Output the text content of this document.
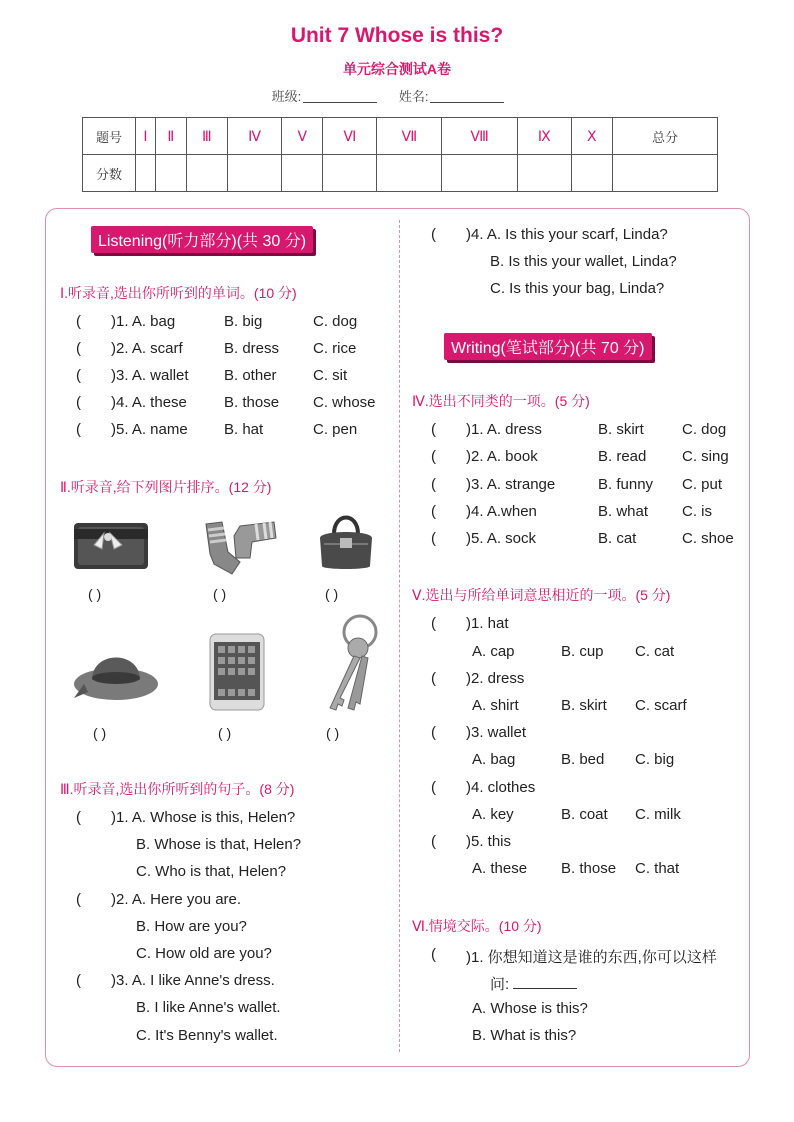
Unit 7 Whose is this?
单元综合测试A卷
班级:	姓名:
题号	Ⅰ	Ⅱ	Ⅲ	Ⅳ	Ⅴ	Ⅵ	Ⅶ	Ⅷ	Ⅸ	Ⅹ	总分
分数											
Listening(听力部分)(共 30 分)
Ⅰ.听录音,选出你所听到的单词。(10 分)
( )1. A. bag	B. big	C. dog
( )2. A. scarf	B. dress C. rice
( )3. A. wallet B. other C. sit
( )4. A. these B. those C. whose
( )5. A. name B. hat	C. pen
Ⅱ.听录音,给下列图片排序。(12 分)
( )	( )	( )
( )	( )	( )
Ⅲ.听录音,选出你所听到的句子。(8 分)
( )1. A. Whose is this, Helen?
B. Whose is that, Helen?
C. Who is that, Helen?
( )2. A. Here you are.
B. How are you?
C. How old are you?
( )3. A. I like Anne's dress.
B. I like Anne's wallet.
C. It's Benny's wallet.
( )4. A. Is this your scarf, Linda?
B. Is this your wallet, Linda?
C. Is this your bag, Linda?
Writing(笔试部分)(共 70 分)
Ⅳ.选出不同类的一项。(5 分)
( )1. A. dress	B. skirt	C. dog
( )2. A. book	B. read C. sing
( )3. A. strange	B. funny C. put
( )4. A.when	B. what C. is
( )5. A. sock	B. cat	C. shoe
Ⅴ.选出与所给单词意思相近的一项。(5 分)
( )1. hat
A. cap	B. cup C. cat
( )2. dress
A. shirt	B. skirt C. scarf
( )3. wallet
A. bag	B. bed C. big
( )4. clothes
A. key	B. coat C. milk
( )5. this
A. these B. those C. that
Ⅵ.情境交际。(10 分)
( )1. 你想知道这是谁的东西,你可以这样
问:
A. Whose is this?
B. What is this?
